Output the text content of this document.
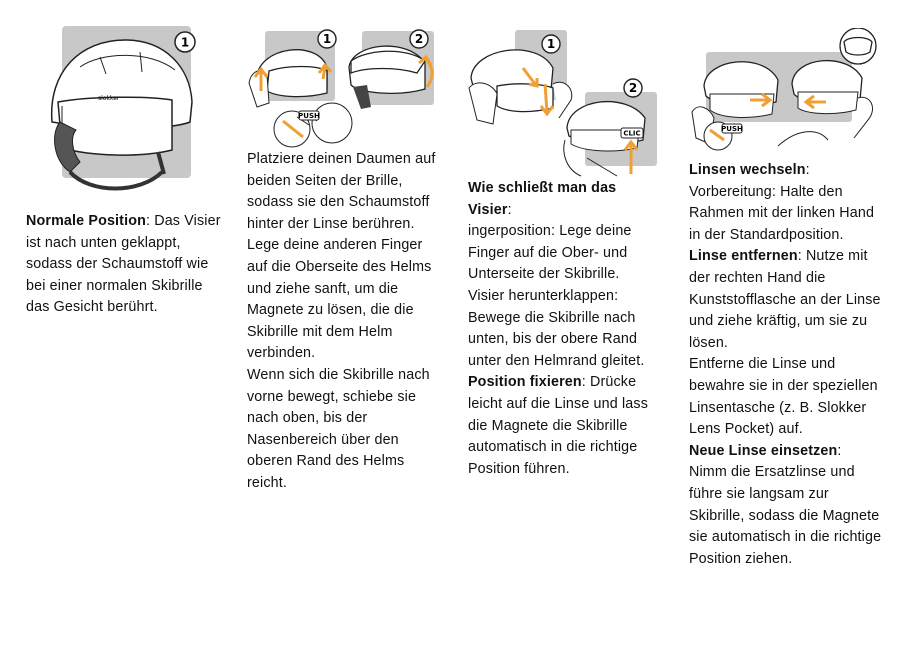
slokker
1

Normale Position: Das Visier ist nach unten geklappt, sodass der Schaumstoff wie bei einer normalen Skibrille das Gesicht berührt.

1
PUSH
2

Platziere deinen Daumen auf beiden Seiten der Brille, sodass sie den Schaumstoff hinter der Linse berühren.

Lege deine anderen Finger auf die Oberseite des Helms und ziehe sanft, um die Magnete zu lösen, die die Skibrille mit dem Helm

verbinden.

Wenn sich die Skibrille nach vorne bewegt, schiebe sie nach oben, bis der Nasenbereich über den oberen Rand des Helms reicht.

1
CLIC
2

Wie schließt man das Visier:

ingerposition: Lege deine Finger auf die Ober- und Unterseite der Skibrille.

Visier herunterklappen: Bewege die Skibrille nach unten, bis der obere Rand unter den Helmrand gleitet.

Position fixieren: Drücke leicht auf die Linse und lass die Magnete die Skibrille automatisch in die richtige Position führen.

PUSH

Linsen wechseln:

Vorbereitung: Halte den Rahmen mit der linken Hand in der Standardposition.

Linse entfernen: Nutze mit der rechten Hand die Kunststofflasche an der Linse und ziehe kräftig, um sie zu lösen.

Entferne die Linse und bewahre sie in der speziellen Linsentasche (z. B. Slokker Lens Pocket) auf.

Neue Linse einsetzen:

Nimm die Ersatzlinse und führe sie langsam zur Skibrille, sodass die Magnete sie automatisch in die richtige Position ziehen.
